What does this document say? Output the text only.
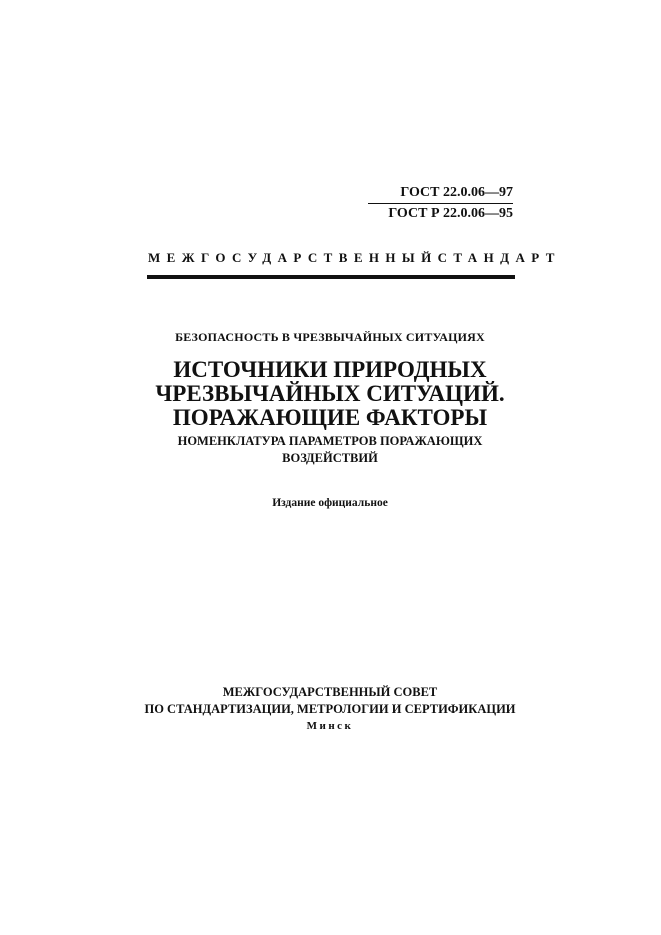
ГОСТ 22.0.06—97
ГОСТ Р 22.0.06—95
МЕЖГОСУДАРСТВЕННЫЙ СТАНДАРТ
БЕЗОПАСНОСТЬ В ЧРЕЗВЫЧАЙНЫХ СИТУАЦИЯХ
ИСТОЧНИКИ ПРИРОДНЫХ
ЧРЕЗВЫЧАЙНЫХ СИТУАЦИЙ.
ПОРАЖАЮЩИЕ ФАКТОРЫ
НОМЕНКЛАТУРА ПАРАМЕТРОВ ПОРАЖАЮЩИХ
ВОЗДЕЙСТВИЙ
Издание официальное
МЕЖГОСУДАРСТВЕННЫЙ СОВЕТ
ПО СТАНДАРТИЗАЦИИ, МЕТРОЛОГИИ И СЕРТИФИКАЦИИ
Минск
